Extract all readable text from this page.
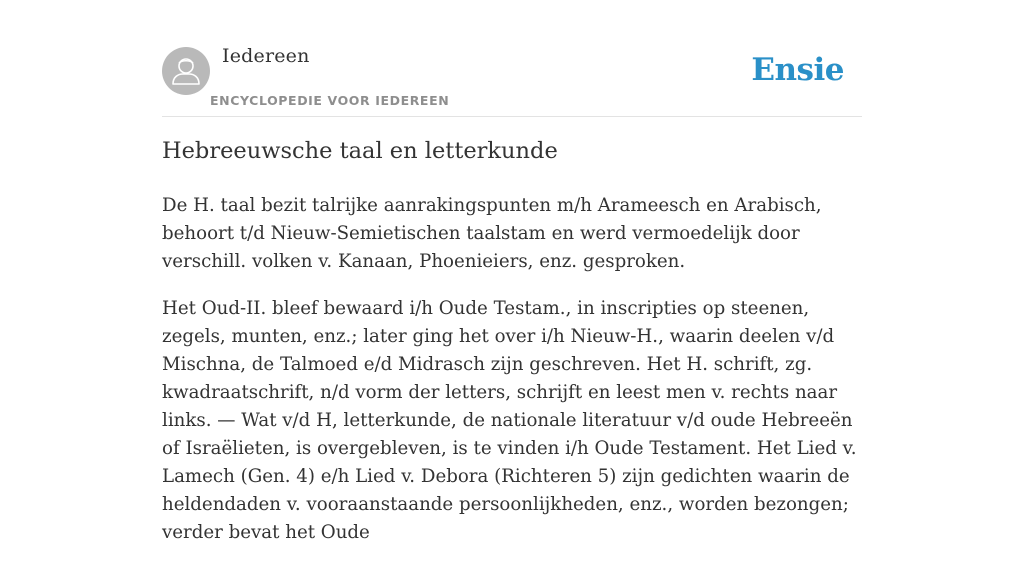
Iedereen
ENCYCLOPEDIE VOOR IEDEREEN
Ensie
Hebreeuwsche taal en letterkunde

De H. taal bezit talrijke aanrakingspunten m/h Arameesch en Arabisch, behoort t/d Nieuw-Semietischen taalstam en werd vermoedelijk door verschill. volken v. Kanaan, Phoenieiers, enz. gesproken.

Het Oud-II. bleef bewaard i/h Oude Testam., in inscripties op steenen, zegels, munten, enz.; later ging het over i/h Nieuw-H., waarin deelen v/d Mischna, de Talmoed e/d Midrasch zijn geschreven. Het H. schrift, zg. kwadraatschrift, n/d vorm der letters, schrijft en leest men v. rechts naar links. — Wat v/d H, letterkunde, de nationale literatuur v/d oude Hebreeën of Israëlieten, is overgebleven, is te vinden i/h Oude Testament. Het Lied v. Lamech (Gen. 4) e/h Lied v. Debora (Richteren 5) zijn gedichten waarin de heldendaden v. vooraanstaande persoonlijkheden, enz., worden bezongen; verder bevat het Oude
